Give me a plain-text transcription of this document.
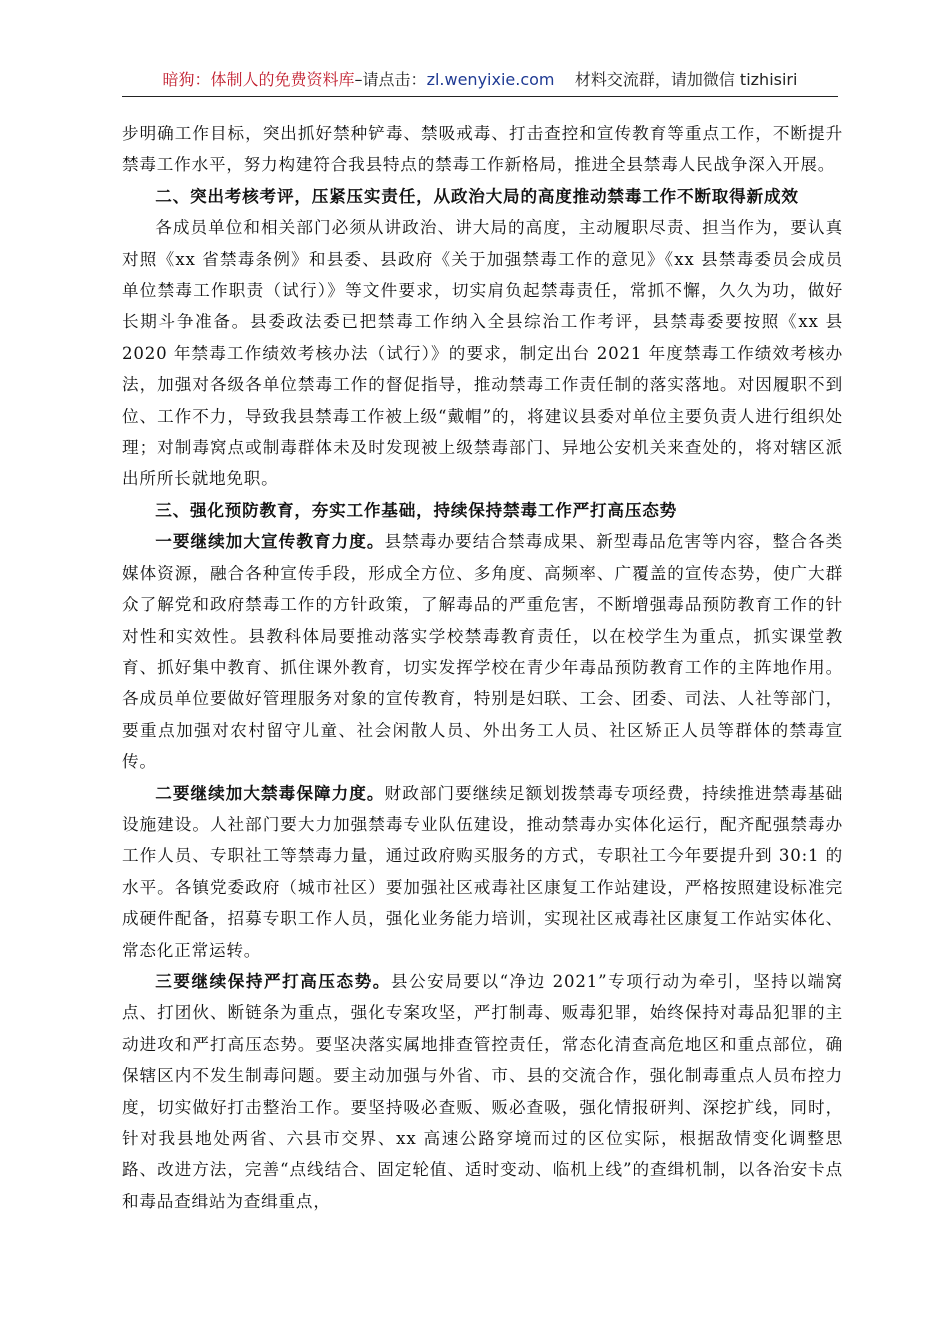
暗狗：体制人的免费资料库–请点击：zl.wenyixie.com 材料交流群，请加微信 tizhisiri

步明确工作目标，突出抓好禁种铲毒、禁吸戒毒、打击查控和宣传教育等重点工作，不断提升禁毒工作水平，努力构建符合我县特点的禁毒工作新格局，推进全县禁毒人民战争深入开展。

二、突出考核考评，压紧压实责任，从政治大局的高度推动禁毒工作不断取得新成效

各成员单位和相关部门必须从讲政治、讲大局的高度，主动履职尽责、担当作为，要认真对照《xx 省禁毒条例》和县委、县政府《关于加强禁毒工作的意见》《xx 县禁毒委员会成员单位禁毒工作职责（试行）》等文件要求，切实肩负起禁毒责任，常抓不懈，久久为功，做好长期斗争准备。县委政法委已把禁毒工作纳入全县综治工作考评，县禁毒委要按照《xx 县 2020 年禁毒工作绩效考核办法（试行）》的要求，制定出台 2021 年度禁毒工作绩效考核办法，加强对各级各单位禁毒工作的督促指导，推动禁毒工作责任制的落实落地。对因履职不到位、工作不力，导致我县禁毒工作被上级“戴帽”的，将建议县委对单位主要负责人进行组织处理；对制毒窝点或制毒群体未及时发现被上级禁毒部门、异地公安机关来查处的，将对辖区派出所所长就地免职。

三、强化预防教育，夯实工作基础，持续保持禁毒工作严打高压态势

一要继续加大宣传教育力度。县禁毒办要结合禁毒成果、新型毒品危害等内容，整合各类媒体资源，融合各种宣传手段，形成全方位、多角度、高频率、广覆盖的宣传态势，使广大群众了解党和政府禁毒工作的方针政策，了解毒品的严重危害，不断增强毒品预防教育工作的针对性和实效性。县教科体局要推动落实学校禁毒教育责任，以在校学生为重点，抓实课堂教育、抓好集中教育、抓住课外教育，切实发挥学校在青少年毒品预防教育工作的主阵地作用。各成员单位要做好管理服务对象的宣传教育，特别是妇联、工会、团委、司法、人社等部门，要重点加强对农村留守儿童、社会闲散人员、外出务工人员、社区矫正人员等群体的禁毒宣传。

二要继续加大禁毒保障力度。财政部门要继续足额划拨禁毒专项经费，持续推进禁毒基础设施建设。人社部门要大力加强禁毒专业队伍建设，推动禁毒办实体化运行，配齐配强禁毒办工作人员、专职社工等禁毒力量，通过政府购买服务的方式，专职社工今年要提升到 30:1 的水平。各镇党委政府（城市社区）要加强社区戒毒社区康复工作站建设，严格按照建设标准完成硬件配备，招募专职工作人员，强化业务能力培训，实现社区戒毒社区康复工作站实体化、常态化正常运转。

三要继续保持严打高压态势。县公安局要以“净边 2021”专项行动为牵引，坚持以端窝点、打团伙、断链条为重点，强化专案攻坚，严打制毒、贩毒犯罪，始终保持对毒品犯罪的主动进攻和严打高压态势。要坚决落实属地排查管控责任，常态化清查高危地区和重点部位，确保辖区内不发生制毒问题。要主动加强与外省、市、县的交流合作，强化制毒重点人员布控力度，切实做好打击整治工作。要坚持吸必查贩、贩必查吸，强化情报研判、深挖扩线，同时，针对我县地处两省、六县市交界、xx 高速公路穿境而过的区位实际，根据敌情变化调整思路、改进方法，完善“点线结合、固定轮值、适时变动、临机上线”的查缉机制，以各治安卡点和毒品查缉站为查缉重点，
